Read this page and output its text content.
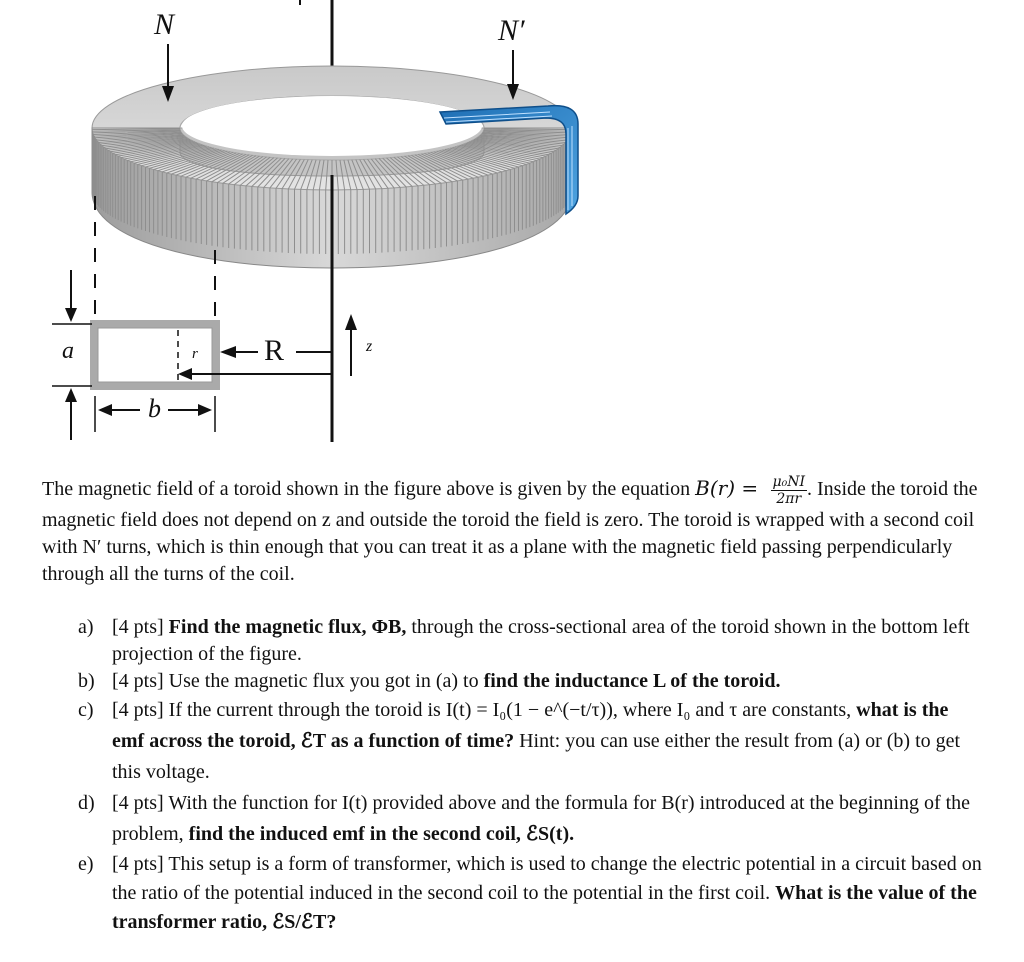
N	N′
a	r R
b
z

The magnetic field of a toroid shown in the figure above is given by the equation $B(r) = \frac{\text{μ₀NI}}{2\pi r}$ . Inside the toroid the magnetic field does not depend on z and outside the toroid the field is zero. The toroid is wrapped with a second coil with N′ turns, which is thin enough that you can treat it as a plane with the magnetic field passing perpendicularly through all the turns of the coil.

a) [4 pts] Find the magnetic flux, ΦB, through the cross-sectional area of the toroid shown in the bottom left projection of the figure.
b) [4 pts] Use the magnetic flux you got in (a) to find the inductance L of the toroid.
c) [4 pts] If the current through the toroid is I(t) = I₀(1 − e^(−t/τ)), where I₀ and τ are constants, what is the emf across the toroid, ℰT as a function of time? Hint: you can use either the result from (a) or (b) to get this voltage.
d) [4 pts] With the function for I(t) provided above and the formula for B(r) introduced at the beginning of the problem, find the induced emf in the second coil, ℰS(t).
e) [4 pts] This setup is a form of transformer, which is used to change the electric potential in a circuit based on the ratio of the potential induced in the second coil to the potential in the first coil. What is the value of the transformer ratio, ℰS/ℰT?
